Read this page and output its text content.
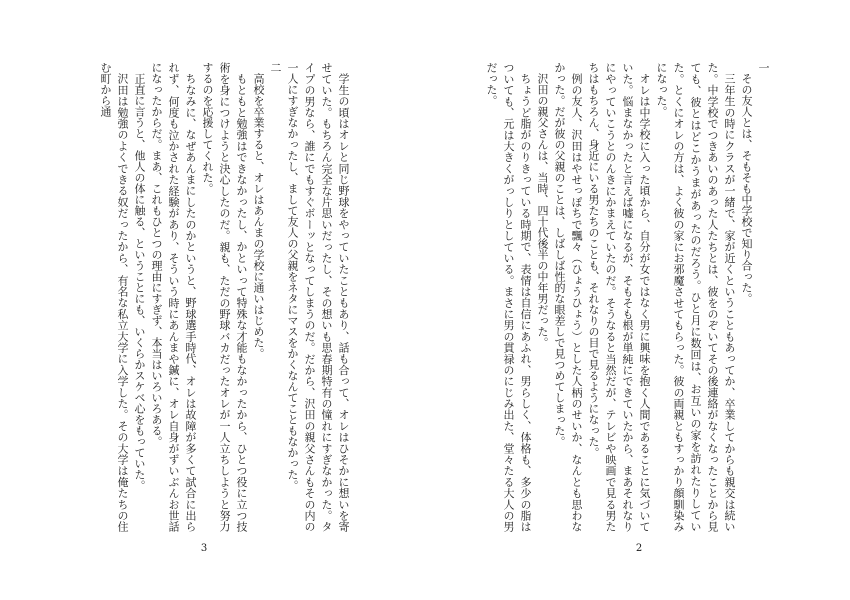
学生の頃はオレと同じ野球をやっていたこともあり、話も合って、オレはひそかに想いを寄せていた。もちろん完全な片思いだったし、その想いも思春期特有の憧れにすぎなかった。タイプの男なら、誰にでもすぐボーッとなってしまうのだ。だから、沢田の親父さんもその内の一人にすぎなかったし、まして友人の父親をネタにマスをかくなんてこともなかった。

二

高校を卒業すると、オレはあんまの学校に通いはじめた。

もともと勉強はできなかったし、かといって特殊な才能もなかったから、ひとつ役に立つ技術を身につけようと決心したのだ。親も、ただの野球バカだったオレが一人立ちしようと努力するのを応援してくれた。

ちなみに、なぜあんまにしたのかというと、野球選手時代、オレは故障が多くて試合に出られず、何度も泣かされた経験があり、そういう時にあんまや鍼に、オレ自身がずいぶんお世話になったからだ。まあ、これもひとつの理由にすぎず、本当はいろいろある。

正直に言うと、他人の体に触る、ということにも、いくらかスケベ心をもっていた。

沢田は勉強のよくできる奴だったから、有名な私立大学に入学した。その大学は俺たちの住む町から通

3

一

その友人とは、そもそも中学校で知り合った。

三年生の時にクラスが一緒で、家が近くということもあってか、卒業してからも親交は続いた。中学校でつきあいのあった人たちとは、彼をのぞいてその後連絡がなくなったことから見ても、彼とはどこかうまがあったのだろう。ひと月に数回は、お互いの家を訪れたりしていた。とくにオレの方は、よく彼の家にお邪魔させてもらった。彼の両親ともすっかり顔馴染みになった。

オレは中学校に入った頃から、自分が女ではなく男に興味を抱く人間であることに気づいていた。悩まなかったと言えば嘘になるが、そもそも根が単純にできていたから、まあそれなりにやっていこうとのんきにかまえていたのだ。そうなると当然だが、テレビや映画で見る男たちはもちろん、身近にいる男たちのことも、それなりの目で見るようになった。

例の友人、沢田はやせっぽちで飄々（ひょうひょう）とした人柄のせいか、なんとも思わなかった。だが彼の父親のことは、しばしば性的な眼差しで見つめてしまった。

沢田の親父さんは、当時、四十代後半の中年男だった。

ちょうど脂がのりきっている時期で、表情は自信にあふれ、男らしく、体格も、多少の脂はついても、元は大きくがっしりとしている。まさに男の貫禄のにじみ出た、堂々たる大人の男だった。

2
